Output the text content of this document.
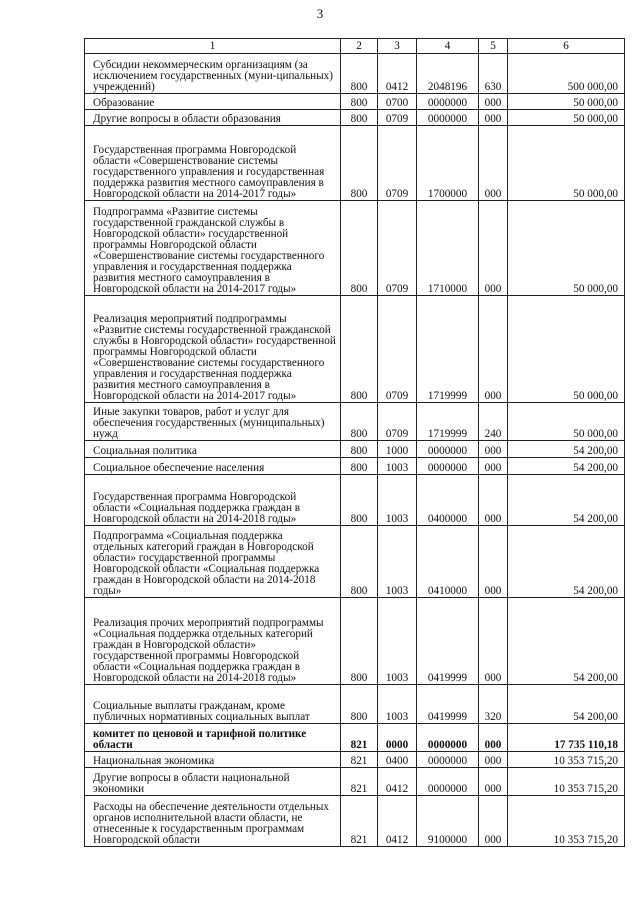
3
1	2	3	4	5	6
Субсидии некоммерческим организациям (за исключением государственных (муни-ципальных) учреждений)	800	0412	2048196	630	500 000,00
Образование	800	0700	0000000	000	50 000,00
Другие вопросы в области образования	800	0709	0000000	000	50 000,00
Государственная программа Новгородской области «Совершенствование системы государственного управления и государственная поддержка развития местного самоуправления в Новгородской области на 2014-2017 годы»	800	0709	1700000	000	50 000,00
Подпрограмма «Развитие системы государственной гражданской службы в Новгородской области» государственной программы Новгородской области «Совершенствование системы государственного управления и государственная поддержка развития местного самоуправления в Новгородской области на 2014-2017 годы»	800	0709	1710000	000	50 000,00
Реализация мероприятий подпрограммы «Развитие системы государственной гражданской службы в Новгородской области» государственной программы Новгородской области «Совершенствование системы государственного управления и государственная поддержка развития местного самоуправления в Новгородской области на 2014-2017 годы»	800	0709	1719999	000	50 000,00
Иные закупки товаров, работ и услуг для обеспечения государственных (муниципальных) нужд	800	0709	1719999	240	50 000,00
Социальная политика	800	1000	0000000	000	54 200,00
Социальное обеспечение населения	800	1003	0000000	000	54 200,00
Государственная программа Новгородской области «Социальная поддержка граждан в Новгородской области на 2014-2018 годы»	800	1003	0400000	000	54 200,00
Подпрограмма «Социальная поддержка отдельных категорий граждан в Новгородской области» государственной программы Новгородской области «Социальная поддержка граждан в Новгородской области на 2014-2018 годы»	800	1003	0410000	000	54 200,00
Реализация прочих мероприятий подпрограммы «Социальная поддержка отдельных категорий граждан в Новгородской области» государственной программы Новгородской области «Социальная поддержка граждан в Новгородской области на 2014-2018 годы»	800	1003	0419999	000	54 200,00
Социальные выплаты гражданам, кроме публичных нормативных социальных выплат	800	1003	0419999	320	54 200,00
комитет по ценовой и тарифной политике области	821	0000	0000000	000	17 735 110,18
Национальная экономика	821	0400	0000000	000	10 353 715,20
Другие вопросы в области национальной экономики	821	0412	0000000	000	10 353 715,20
Расходы на обеспечение деятельности отдельных органов исполнительной власти области, не отнесенные к государственным программам Новгородской области	821	0412	9100000	000	10 353 715,20
